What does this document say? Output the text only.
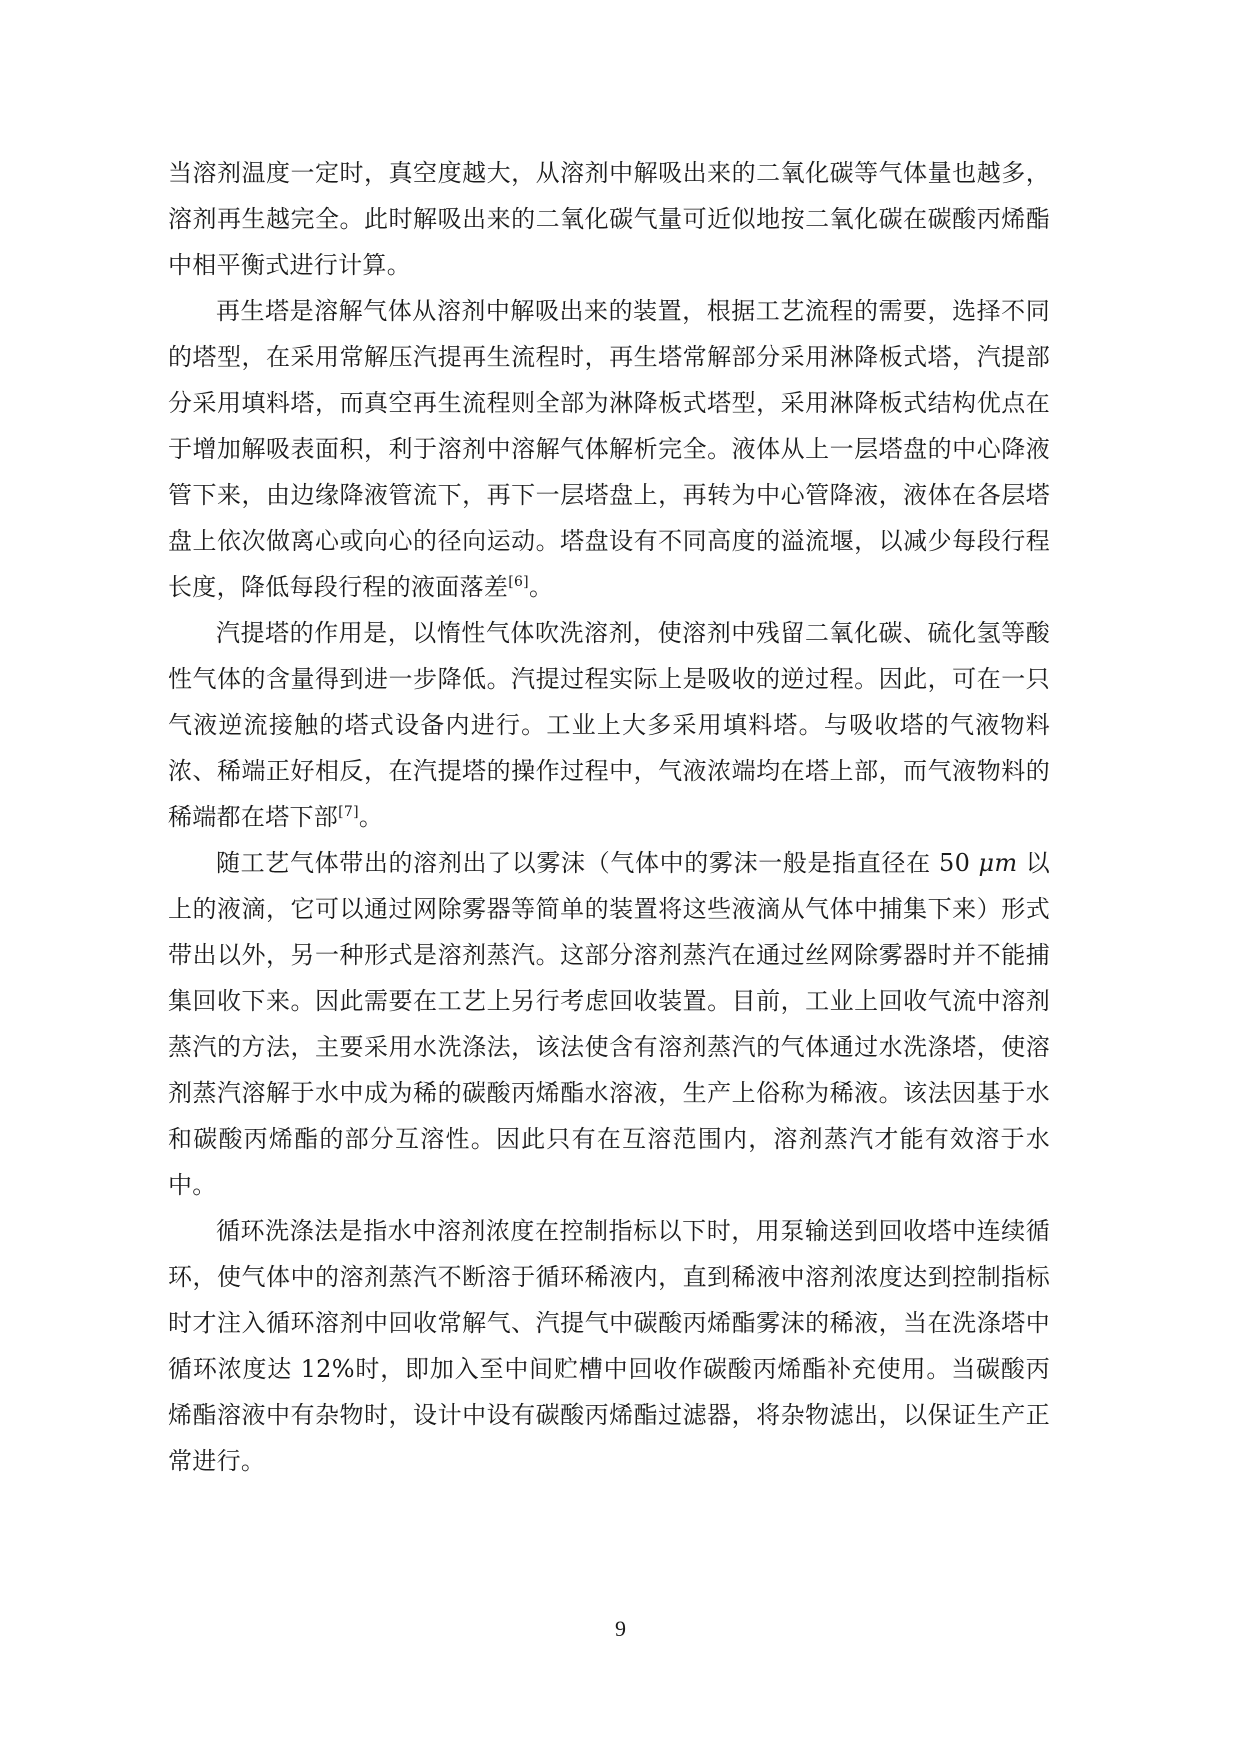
当溶剂温度一定时，真空度越大，从溶剂中解吸出来的二氧化碳等气体量也越多，溶剂再生越完全。此时解吸出来的二氧化碳气量可近似地按二氧化碳在碳酸丙烯酯中相平衡式进行计算。

再生塔是溶解气体从溶剂中解吸出来的装置，根据工艺流程的需要，选择不同的塔型，在采用常解压汽提再生流程时，再生塔常解部分采用淋降板式塔，汽提部分采用填料塔，而真空再生流程则全部为淋降板式塔型，采用淋降板式结构优点在于增加解吸表面积，利于溶剂中溶解气体解析完全。液体从上一层塔盘的中心降液管下来，由边缘降液管流下，再下一层塔盘上，再转为中心管降液，液体在各层塔盘上依次做离心或向心的径向运动。塔盘设有不同高度的溢流堰，以减少每段行程长度，降低每段行程的液面落差[6]。

汽提塔的作用是，以惰性气体吹洗溶剂，使溶剂中残留二氧化碳、硫化氢等酸性气体的含量得到进一步降低。汽提过程实际上是吸收的逆过程。因此，可在一只气液逆流接触的塔式设备内进行。工业上大多采用填料塔。与吸收塔的气液物料浓、稀端正好相反，在汽提塔的操作过程中，气液浓端均在塔上部，而气液物料的稀端都在塔下部[7]。

随工艺气体带出的溶剂出了以雾沫（气体中的雾沫一般是指直径在 50 μm 以上的液滴，它可以通过网除雾器等简单的装置将这些液滴从气体中捕集下来）形式带出以外，另一种形式是溶剂蒸汽。这部分溶剂蒸汽在通过丝网除雾器时并不能捕集回收下来。因此需要在工艺上另行考虑回收装置。目前，工业上回收气流中溶剂蒸汽的方法，主要采用水洗涤法，该法使含有溶剂蒸汽的气体通过水洗涤塔，使溶剂蒸汽溶解于水中成为稀的碳酸丙烯酯水溶液，生产上俗称为稀液。该法因基于水和碳酸丙烯酯的部分互溶性。因此只有在互溶范围内，溶剂蒸汽才能有效溶于水中。

循环洗涤法是指水中溶剂浓度在控制指标以下时，用泵输送到回收塔中连续循环，使气体中的溶剂蒸汽不断溶于循环稀液内，直到稀液中溶剂浓度达到控制指标时才注入循环溶剂中回收常解气、汽提气中碳酸丙烯酯雾沫的稀液，当在洗涤塔中循环浓度达 12%时，即加入至中间贮槽中回收作碳酸丙烯酯补充使用。当碳酸丙烯酯溶液中有杂物时，设计中设有碳酸丙烯酯过滤器，将杂物滤出，以保证生产正常进行。

9
